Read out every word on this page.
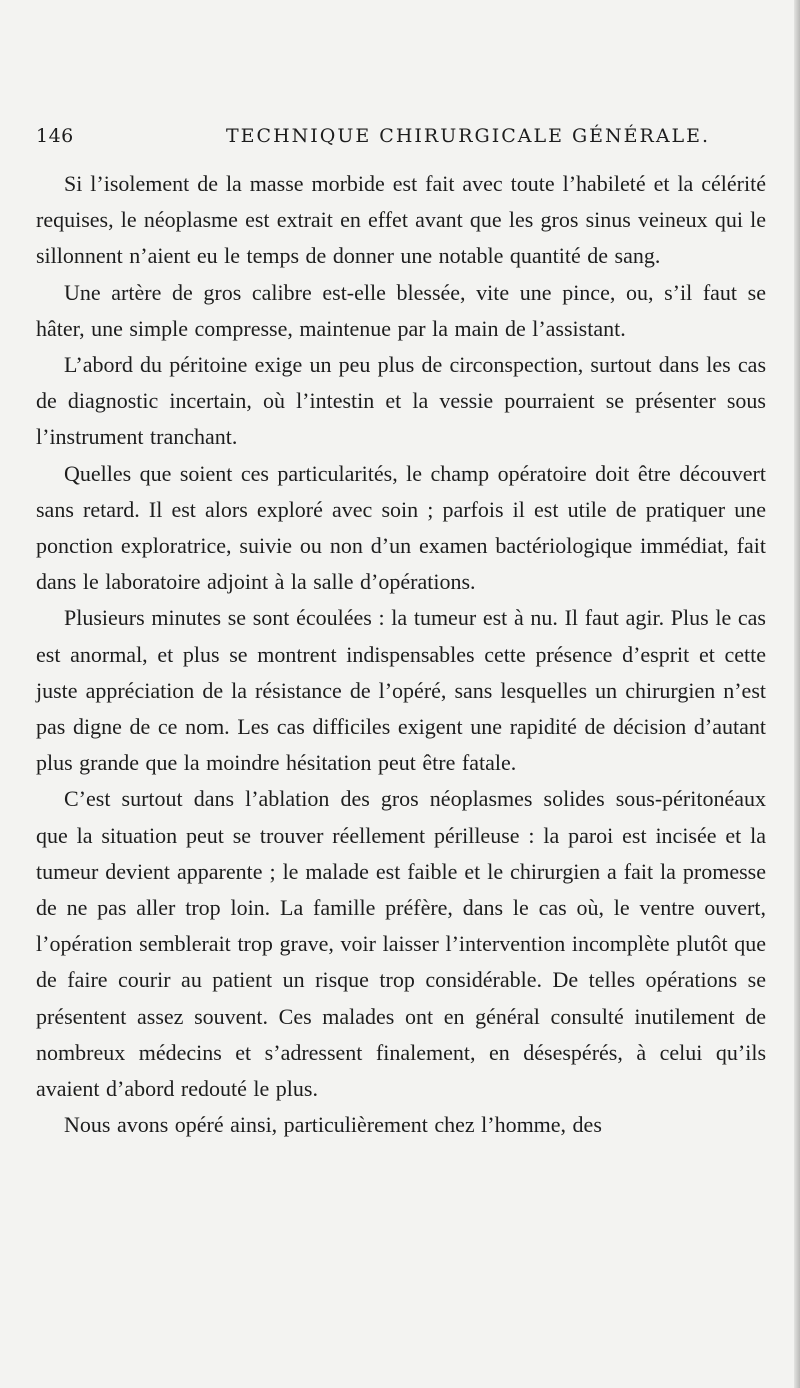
146	TECHNIQUE CHIRURGICALE GÉNÉRALE.

Si l’isolement de la masse morbide est fait avec toute l’habileté et la célérité requises, le néoplasme est extrait en effet avant que les gros sinus veineux qui le sillonnent n’aient eu le temps de donner une notable quantité de sang.

Une artère de gros calibre est-elle blessée, vite une pince, ou, s’il faut se hâter, une simple compresse, maintenue par la main de l’assistant.

L’abord du péritoine exige un peu plus de circonspection, surtout dans les cas de diagnostic incertain, où l’intestin et la vessie pourraient se présenter sous l’instrument tranchant.

Quelles que soient ces particularités, le champ opératoire doit être découvert sans retard. Il est alors exploré avec soin ; parfois il est utile de pratiquer une ponction exploratrice, suivie ou non d’un examen bactériologique immédiat, fait dans le laboratoire adjoint à la salle d’opérations.

Plusieurs minutes se sont écoulées : la tumeur est à nu. Il faut agir. Plus le cas est anormal, et plus se montrent indispensables cette présence d’esprit et cette juste appréciation de la résistance de l’opéré, sans lesquelles un chirurgien n’est pas digne de ce nom. Les cas difficiles exigent une rapidité de décision d’autant plus grande que la moindre hésitation peut être fatale.

C’est surtout dans l’ablation des gros néoplasmes solides sous-péritonéaux que la situation peut se trouver réellement périlleuse : la paroi est incisée et la tumeur devient apparente ; le malade est faible et le chirurgien a fait la promesse de ne pas aller trop loin. La famille préfère, dans le cas où, le ventre ouvert, l’opération semblerait trop grave, voir laisser l’intervention incomplète plutôt que de faire courir au patient un risque trop considérable. De telles opérations se présentent assez souvent. Ces malades ont en général consulté inutilement de nombreux médecins et s’adressent finalement, en désespérés, à celui qu’ils avaient d’abord redouté le plus.

Nous avons opéré ainsi, particulièrement chez l’homme, des
